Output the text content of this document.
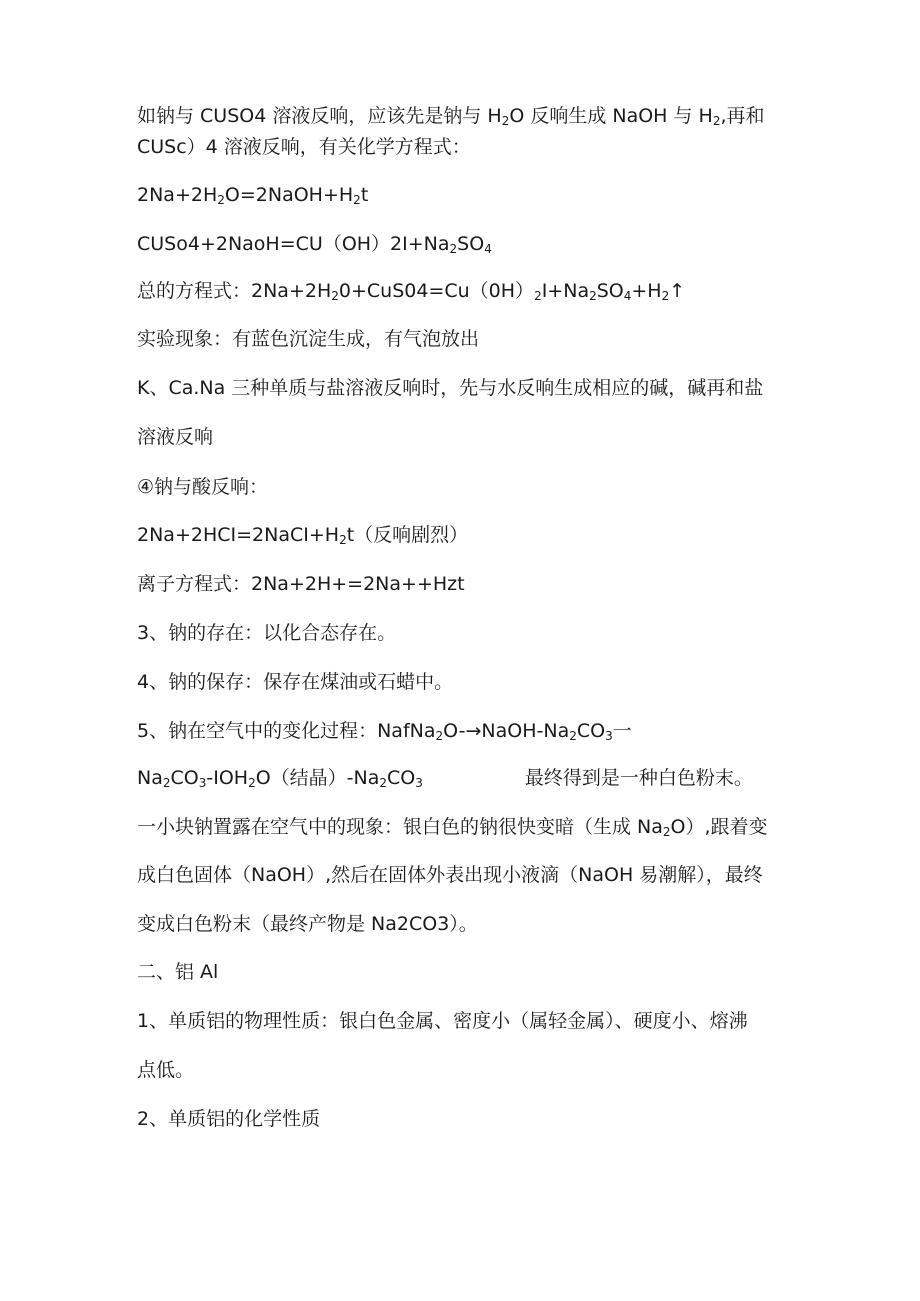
如钠与 CUSO4 溶液反响，应该先是钠与 $H_2O$ 反响生成 NaOH 与 $H_2$,再和
CUSc）4 溶液反响，有关化学方程式：
$2Na+2H_2O=2NaOH+H_2t$
$CUSo4+2NaoH=CU(OH)2I+Na_2SO_4$
总的方程式：$2Na+2H_20+CuS04=Cu(0H)_2I+Na_2SO_4+H_2↑$
实验现象：有蓝色沉淀生成，有气泡放出
K、Ca.Na 三种单质与盐溶液反响时，先与水反响生成相应的碱，碱再和盐
溶液反响
④钠与酸反响：
$2Na+2HCI=2NaCI+H_2t$（反响剧烈）
离子方程式：2Na+2H+=2Na++Hzt
3、钠的存在：以化合态存在。
4、钠的保存：保存在煤油或石蜡中。
5、钠在空气中的变化过程：$NafNa_2O-\to NaOH-Na_2CO_3$一
$Na_2CO_3-IOH_2O$（结晶）$-Na_2CO_3$	最终得到是一种白色粉末。
一小块钠置露在空气中的现象：银白色的钠很快变暗（生成 $Na_2O$）,跟着变
成白色固体（NaOH）,然后在固体外表出现小液滴（NaOH 易潮解），最终
变成白色粉末（最终产物是 Na2CO3）。
二、铝 Al
1、单质铝的物理性质：银白色金属、密度小（属轻金属）、硬度小、熔沸
点低。
2、单质铝的化学性质
